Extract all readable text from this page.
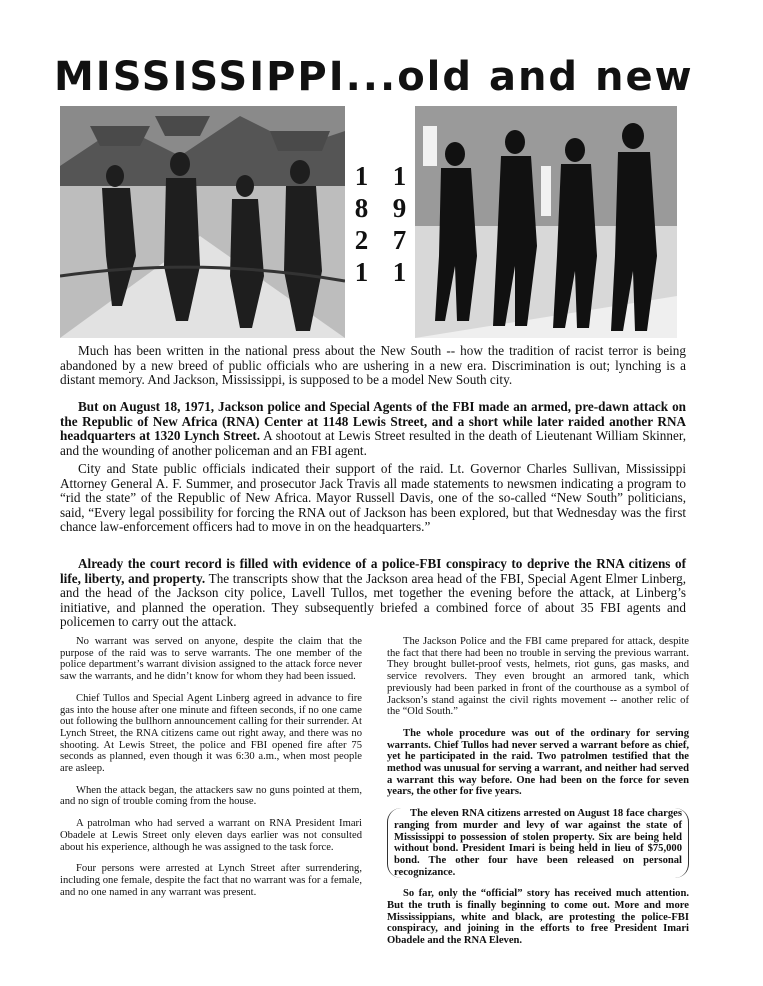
MISSISSIPPI...old and new
1 1
8 9
2 7
1 1

Much has been written in the national press about the New South -- how the tradition of racist terror is being abandoned by a new breed of public officials who are ushering in a new era. Discrimination is out; lynching is a distant memory. And Jackson, Mississippi, is supposed to be a model New South city.

But on August 18, 1971, Jackson police and Special Agents of the FBI made an armed, pre-dawn attack on the Republic of New Africa (RNA) Center at 1148 Lewis Street, and a short while later raided another RNA headquarters at 1320 Lynch Street. A shootout at Lewis Street resulted in the death of Lieutenant William Skinner, and the wounding of another policeman and an FBI agent.

City and State public officials indicated their support of the raid. Lt. Governor Charles Sullivan, Mississippi Attorney General A. F. Summer, and prosecutor Jack Travis all made statements to newsmen indicating a program to “rid the state” of the Republic of New Africa. Mayor Russell Davis, one of the so-called “New South” politicians, said, “Every legal possibility for forcing the RNA out of Jackson has been explored, but that Wednesday was the first chance law-enforcement officers had to move in on the headquarters.”

Already the court record is filled with evidence of a police-FBI conspiracy to deprive the RNA citizens of life, liberty, and property. The transcripts show that the Jackson area head of the FBI, Special Agent Elmer Linberg, and the head of the Jackson city police, Lavell Tullos, met together the evening before the attack, at Linberg’s initiative, and planned the operation. They subsequently briefed a combined force of about 35 FBI agents and policemen to carry out the attack.

No warrant was served on anyone, despite the claim that the purpose of the raid was to serve warrants. The one member of the police department’s warrant division assigned to the attack force never saw the warrants, and he didn’t know for whom they had been issued.

Chief Tullos and Special Agent Linberg agreed in advance to fire gas into the house after one minute and fifteen seconds, if no one came out following the bullhorn announcement calling for their surrender. At Lynch Street, the RNA citizens came out right away, and there was no shooting. At Lewis Street, the police and FBI opened fire after 75 seconds as planned, even though it was 6:30 a.m., when most people are asleep.

When the attack began, the attackers saw no guns pointed at them, and no sign of trouble coming from the house.

A patrolman who had served a warrant on RNA President Imari Obadele at Lewis Street only eleven days earlier was not consulted about his experience, although he was assigned to the task force.

Four persons were arrested at Lynch Street after surrendering, including one female, despite the fact that no warrant was for a female, and no one named in any warrant was present.

The Jackson Police and the FBI came prepared for attack, despite the fact that there had been no trouble in serving the previous warrant. They brought bullet-proof vests, helmets, riot guns, gas masks, and service revolvers. They even brought an armored tank, which previously had been parked in front of the courthouse as a symbol of Jackson’s stand against the civil rights movement -- another relic of the “Old South.”

The whole procedure was out of the ordinary for serving warrants. Chief Tullos had never served a warrant before as chief, yet he participated in the raid. Two patrolmen testified that the method was unusual for serving a warrant, and neither had served a warrant this way before. One had been on the force for seven years, the other for five years.

The eleven RNA citizens arrested on August 18 face charges ranging from murder and levy of war against the state of Mississippi to possession of stolen property. Six are being held without bond. President Imari is being held in lieu of $75,000 bond. The other four have been released on personal recognizance.

So far, only the “official” story has received much attention. But the truth is finally beginning to come out. More and more Mississippians, white and black, are protesting the police-FBI conspiracy, and joining in the efforts to free President Imari Obadele and the RNA Eleven.
